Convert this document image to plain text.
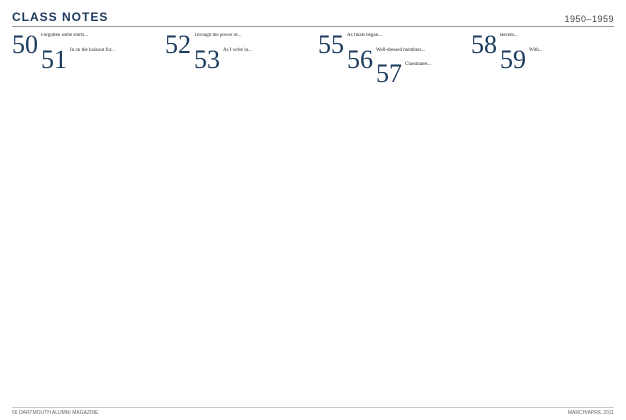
CLASS NOTES	1950–1959
50 Forgotten some shirts...
51 In on the lookout for...	52 Through the power of...
53 As I write in...	55 As finals began...
56 Well-dressed members...
57 Classmates...
58 Recent...
59 With...
56 DARTMOUTH ALUMNI MAGAZINE	MARCH/APRIL 2011
